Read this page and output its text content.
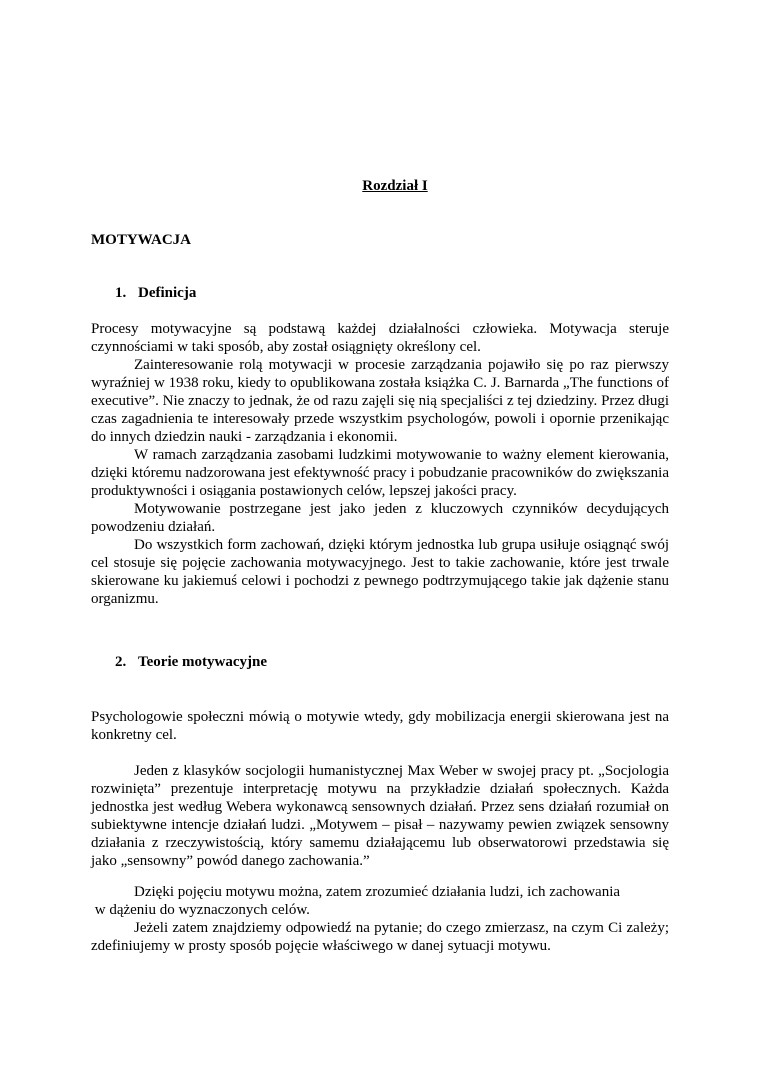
Rozdział I
MOTYWACJA
1. Definicja

Procesy motywacyjne są podstawą każdej działalności człowieka. Motywacja steruje czynnościami w taki sposób, aby został osiągnięty określony cel.

Zainteresowanie rolą motywacji w procesie zarządzania pojawiło się po raz pierwszy wyraźniej w 1938 roku, kiedy to opublikowana została książka C. J. Barnarda „The functions of executive”. Nie znaczy to jednak, że od razu zajęli się nią specjaliści z tej dziedziny. Przez długi czas zagadnienia te interesowały przede wszystkim psychologów, powoli i opornie przenikając do innych dziedzin nauki - zarządzania i ekonomii.

W ramach zarządzania zasobami ludzkimi motywowanie to ważny element kierowania, dzięki któremu nadzorowana jest efektywność pracy i pobudzanie pracowników do zwiększania produktywności i osiągania postawionych celów, lepszej jakości pracy.

Motywowanie postrzegane jest jako jeden z kluczowych czynników decydujących powodzeniu działań.

Do wszystkich form zachowań, dzięki którym jednostka lub grupa usiłuje osiągnąć swój cel stosuje się pojęcie zachowania motywacyjnego. Jest to takie zachowanie, które jest trwale skierowane ku jakiemuś celowi i pochodzi z pewnego podtrzymującego takie jak dążenie stanu organizmu.

2. Teorie motywacyjne

Psychologowie społeczni mówią o motywie wtedy, gdy mobilizacja energii skierowana jest na konkretny cel.

Jeden z klasyków socjologii humanistycznej Max Weber w swojej pracy pt. „Socjologia rozwinięta” prezentuje interpretację motywu na przykładzie działań społecznych. Każda jednostka jest według Webera wykonawcą sensownych działań. Przez sens działań rozumiał on subiektywne intencje działań ludzi. „Motywem – pisał – nazywamy pewien związek sensowny działania z rzeczywistością, który samemu działającemu lub obserwatorowi przedstawia się jako „sensowny” powód danego zachowania.”

Dzięki pojęciu motywu można, zatem zrozumieć działania ludzi, ich zachowania

w dążeniu do wyznaczonych celów.

Jeżeli zatem znajdziemy odpowiedź na pytanie; do czego zmierzasz, na czym Ci zależy; zdefiniujemy w prosty sposób pojęcie właściwego w danej sytuacji motywu.
